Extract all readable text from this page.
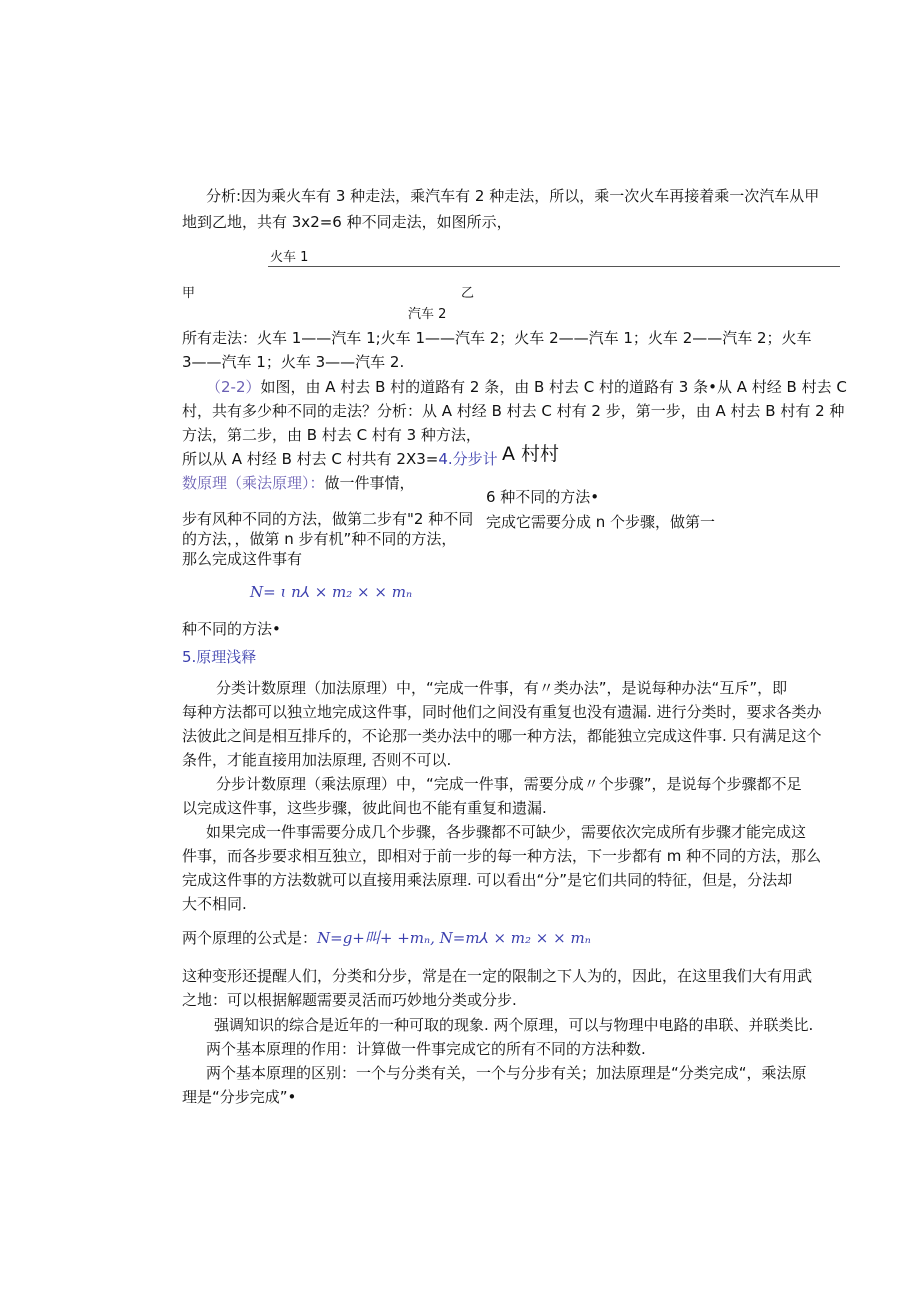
分析:因为乘火车有 3 种走法，乘汽车有 2 种走法，所以，乘一次火车再接着乘一次汽车从甲
地到乙地，共有 3x2=6 种不同走法，如图所示，
火车 1
甲	乙
汽车 2
所有走法：火车 1——汽车 1;火车 1——汽车 2；火车 2——汽车 1；火车 2——汽车 2；火车
3——汽车 1；火车 3——汽车 2.
（2-2）如图，由 A 村去 B 村的道路有 2 条，由 B 村去 C 村的道路有 3 条•从 A 村经 B 村去 C
村，共有多少种不同的走法？分析：从 A 村经 B 村去 C 村有 2 步，第一步，由 A 村去 B 村有 2 种
方法，第二步，由 B 村去 C 村有 3 种方法，
所以从 A 村经 B 村去 C 村共有 2X3=4.分步计
数原理（乘法原理）：做一件事情，
A 村村
6 种不同的方法•
完成它需要分成 n 个步骤，做第一
步有风种不同的方法，做第二步有"2 种不同
的方法，，做第 n 步有机”种不同的方法，
那么完成这件事有
N= ɩ n⅄ × m₂ × × mₙ
种不同的方法•
5.原理浅释
分类计数原理（加法原理）中，“完成一件事，有〃类办法”，是说每种办法“互斥”，即
每种方法都可以独立地完成这件事，同时他们之间没有重复也没有遗漏. 进行分类时，要求各类办
法彼此之间是相互排斥的，不论那一类办法中的哪一种方法，都能独立完成这件事. 只有满足这个
条件，才能直接用加法原理, 否则不可以.
分步计数原理（乘法原理）中，“完成一件事，需要分成〃个步骤”，是说每个步骤都不足
以完成这件事，这些步骤，彼此间也不能有重复和遗漏.
如果完成一件事需要分成几个步骤，各步骤都不可缺少，需要依次完成所有步骤才能完成这
件事，而各步要求相互独立，即相对于前一步的每一种方法，下一步都有 m 种不同的方法，那么
完成这件事的方法数就可以直接用乘法原理. 可以看出“分”是它们共同的特征，但是，分法却
大不相同.
两个原理的公式是：N=g+叫+ +mₙ, N=m⅄ × m₂ × × mₙ
这种变形还提醒人们，分类和分步，常是在一定的限制之下人为的，因此，在这里我们大有用武
之地：可以根据解题需要灵活而巧妙地分类或分步.
强调知识的综合是近年的一种可取的现象. 两个原理，可以与物理中电路的串联、并联类比.
两个基本原理的作用：计算做一件事完成它的所有不同的方法种数.
两个基本原理的区别：一个与分类有关，一个与分步有关；加法原理是“分类完成“，乘法原
理是“分步完成”•
